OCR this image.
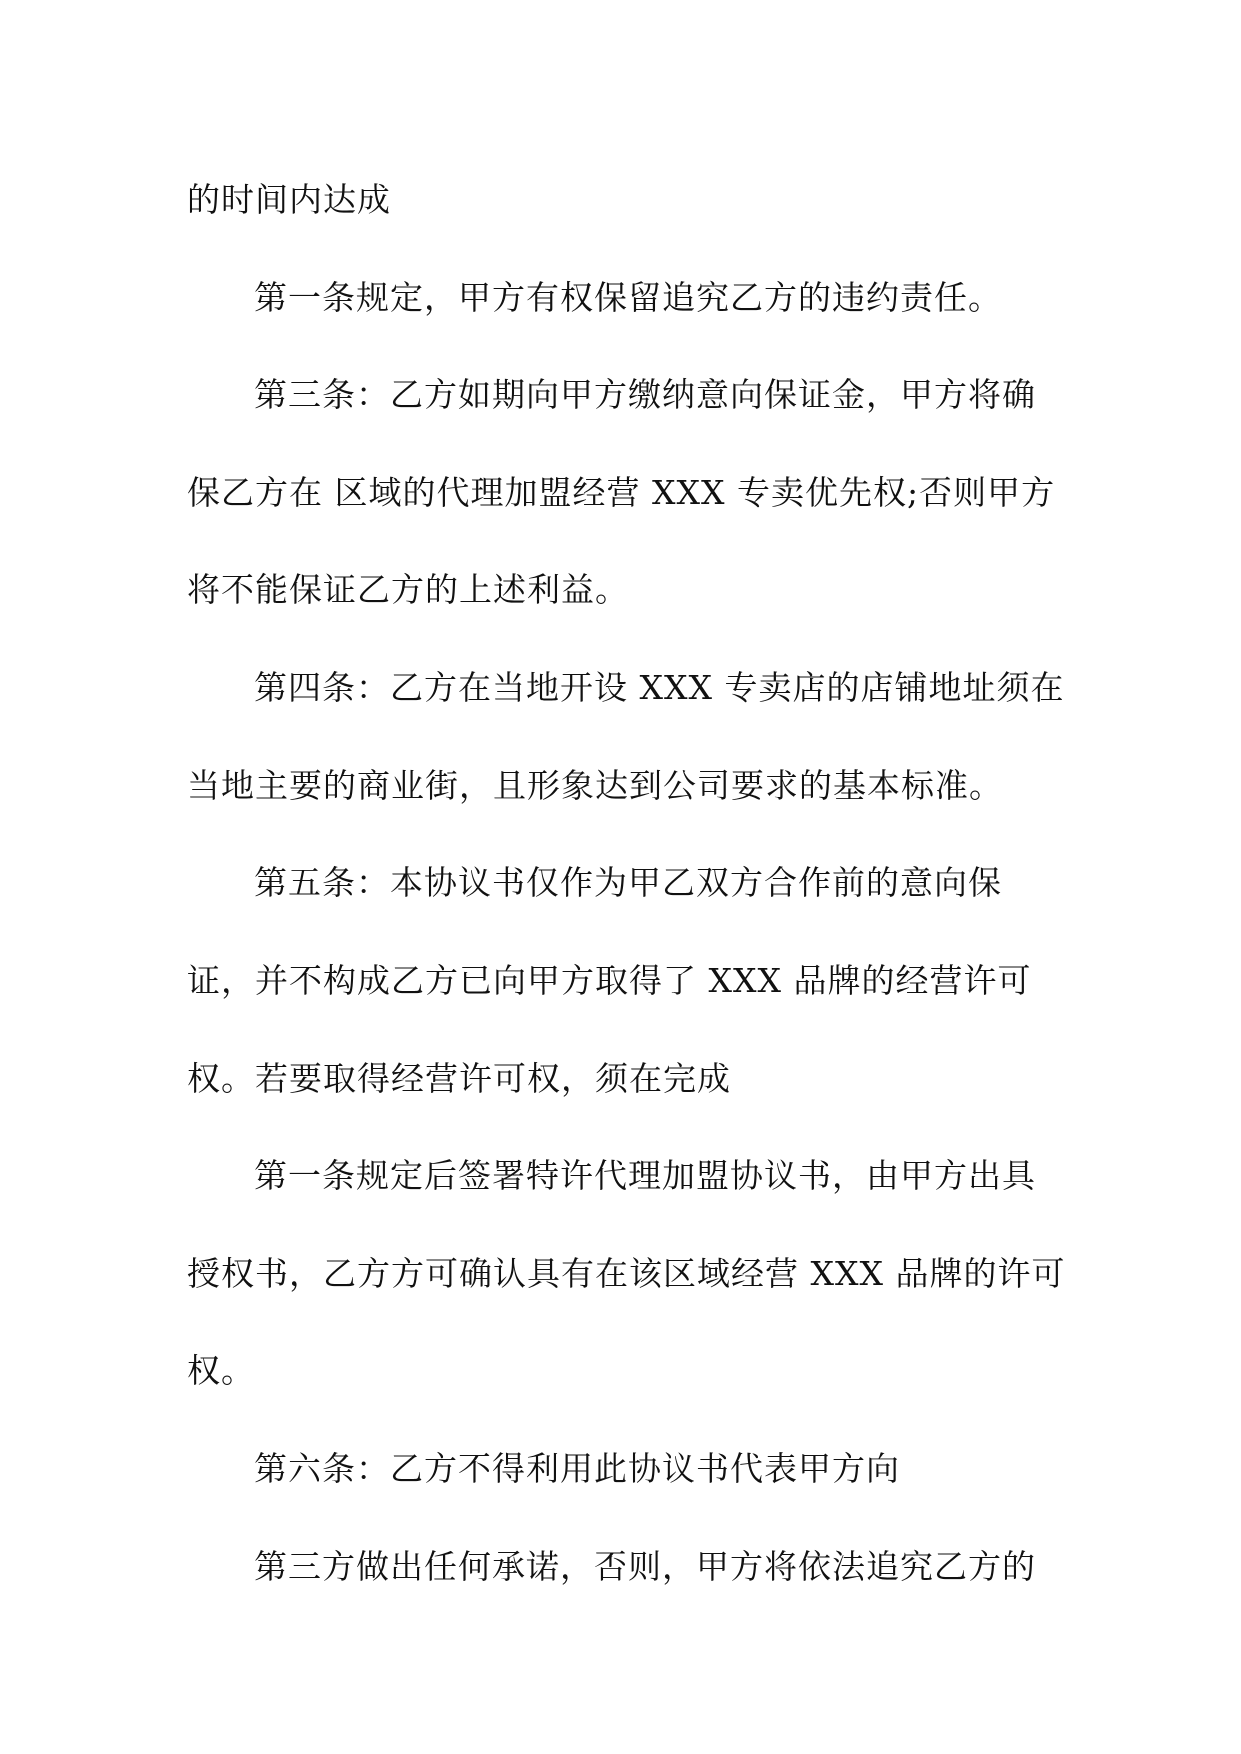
的时间内达成
第一条规定，甲方有权保留追究乙方的违约责任。
第三条：乙方如期向甲方缴纳意向保证金，甲方将确
保乙方在 区域的代理加盟经营 XXX 专卖优先权;否则甲方
将不能保证乙方的上述利益。
第四条：乙方在当地开设 XXX 专卖店的店铺地址须在
当地主要的商业街，且形象达到公司要求的基本标准。
第五条：本协议书仅作为甲乙双方合作前的意向保
证，并不构成乙方已向甲方取得了 XXX 品牌的经营许可
权。若要取得经营许可权，须在完成
第一条规定后签署特许代理加盟协议书，由甲方出具
授权书，乙方方可确认具有在该区域经营 XXX 品牌的许可
权。
第六条：乙方不得利用此协议书代表甲方向
第三方做出任何承诺，否则，甲方将依法追究乙方的
